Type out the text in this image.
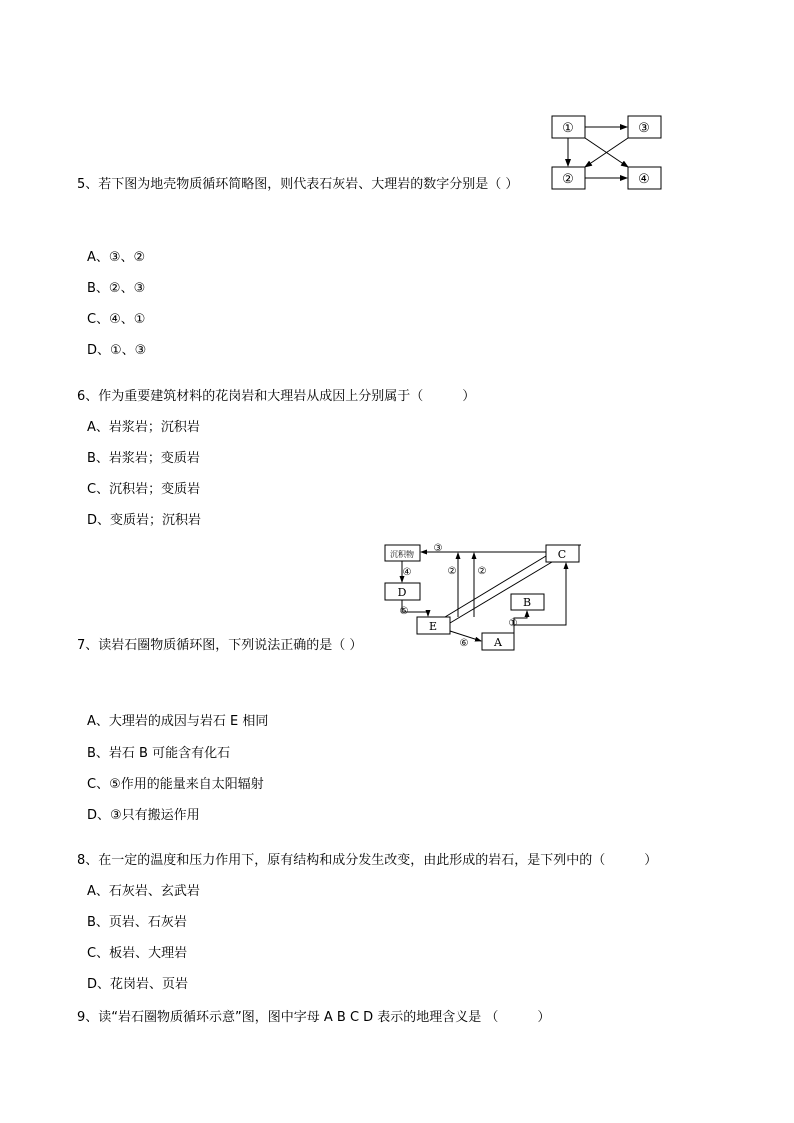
①	③
②	④
5、若下图为地壳物质循环简略图，则代表石灰岩、大理岩的数字分别是（ ）
A、③、②
B、②、③
C、④、①
D、①、③
6、作为重要建筑材料的花岗岩和大理岩从成因上分别属于（　　　）
A、岩浆岩；沉积岩
B、岩浆岩；变质岩
C、沉积岩；变质岩
D、变质岩；沉积岩
沉积物	C
D
B
E
A
③
② ②
④
⑤
①
⑥
7、读岩石圈物质循环图，下列说法正确的是（ ）
A、大理岩的成因与岩石 E 相同
B、岩石 B 可能含有化石
C、⑤作用的能量来自太阳辐射
D、③只有搬运作用
8、在一定的温度和压力作用下，原有结构和成分发生改变，由此形成的岩石，是下列中的（　　　）
A、石灰岩、玄武岩
B、页岩、石灰岩
C、板岩、大理岩
D、花岗岩、页岩
9、读“岩石圈物质循环示意”图，图中字母 A B C D 表示的地理含义是 （　　　）
